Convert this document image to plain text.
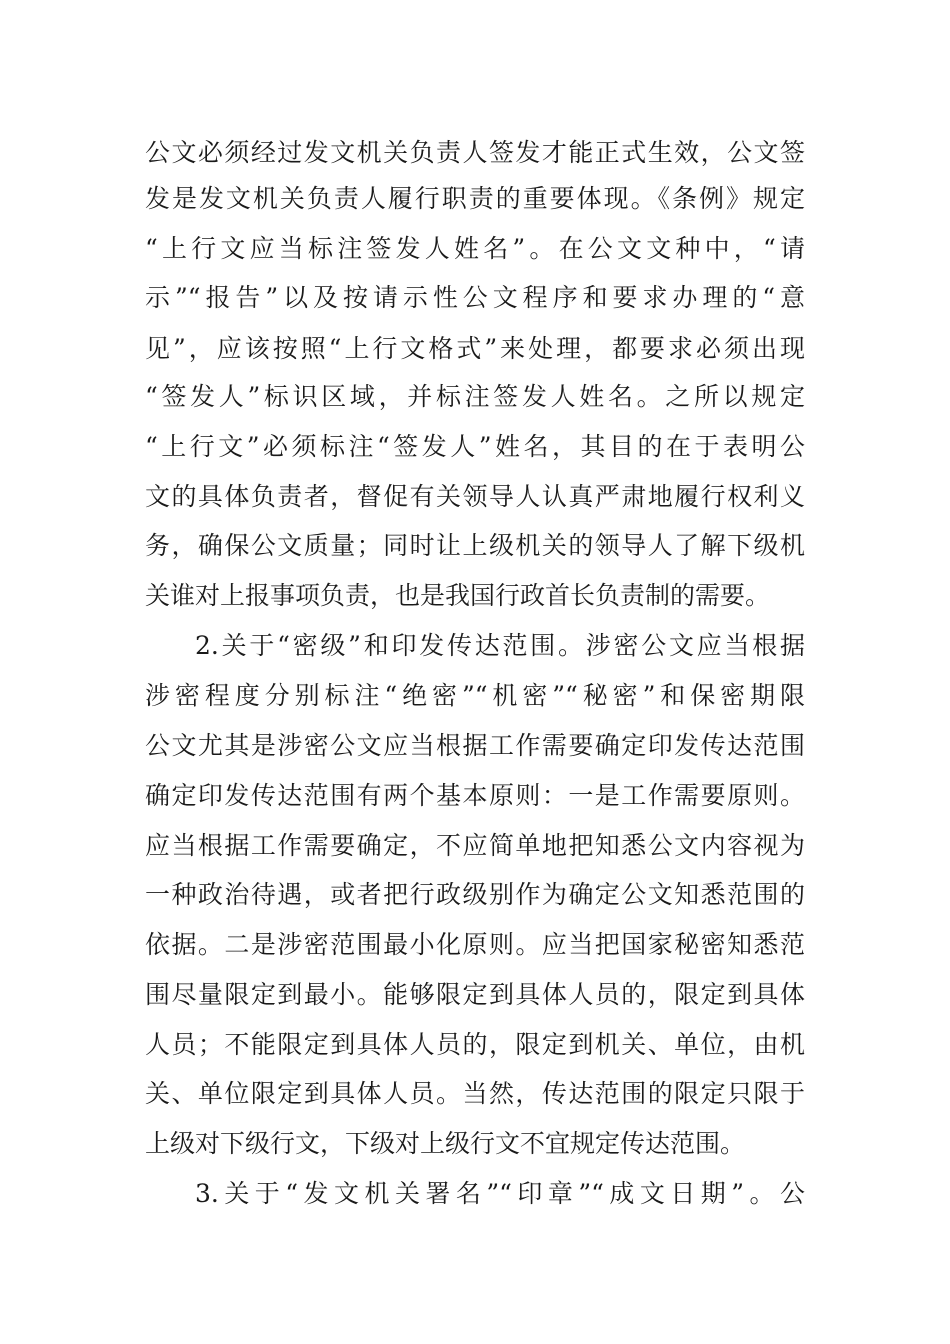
公文必须经过发文机关负责人签发才能正式生效，公文签
发是发文机关负责人履行职责的重要体现。《条例》规定
“上行文应当标注签发人姓名”。在公文文种中，“请
示”“报告”以及按请示性公文程序和要求办理的“意
见”，应该按照“上行文格式”来处理，都要求必须出现
“签发人”标识区域，并标注签发人姓名。之所以规定
“上行文”必须标注“签发人”姓名，其目的在于表明公
文的具体负责者，督促有关领导人认真严肃地履行权利义
务，确保公文质量；同时让上级机关的领导人了解下级机
关谁对上报事项负责，也是我国行政首长负责制的需要。
2.关于“密级”和印发传达范围。涉密公文应当根据
涉密程度分别标注“绝密”“机密”“秘密”和保密期限
公文尤其是涉密公文应当根据工作需要确定印发传达范围
确定印发传达范围有两个基本原则：一是工作需要原则。
应当根据工作需要确定，不应简单地把知悉公文内容视为
一种政治待遇，或者把行政级别作为确定公文知悉范围的
依据。二是涉密范围最小化原则。应当把国家秘密知悉范
围尽量限定到最小。能够限定到具体人员的，限定到具体
人员；不能限定到具体人员的，限定到机关、单位，由机
关、单位限定到具体人员。当然，传达范围的限定只限于
上级对下级行文，下级对上级行文不宜规定传达范围。
3.关于“发文机关署名”“印章”“成文日期”。公
